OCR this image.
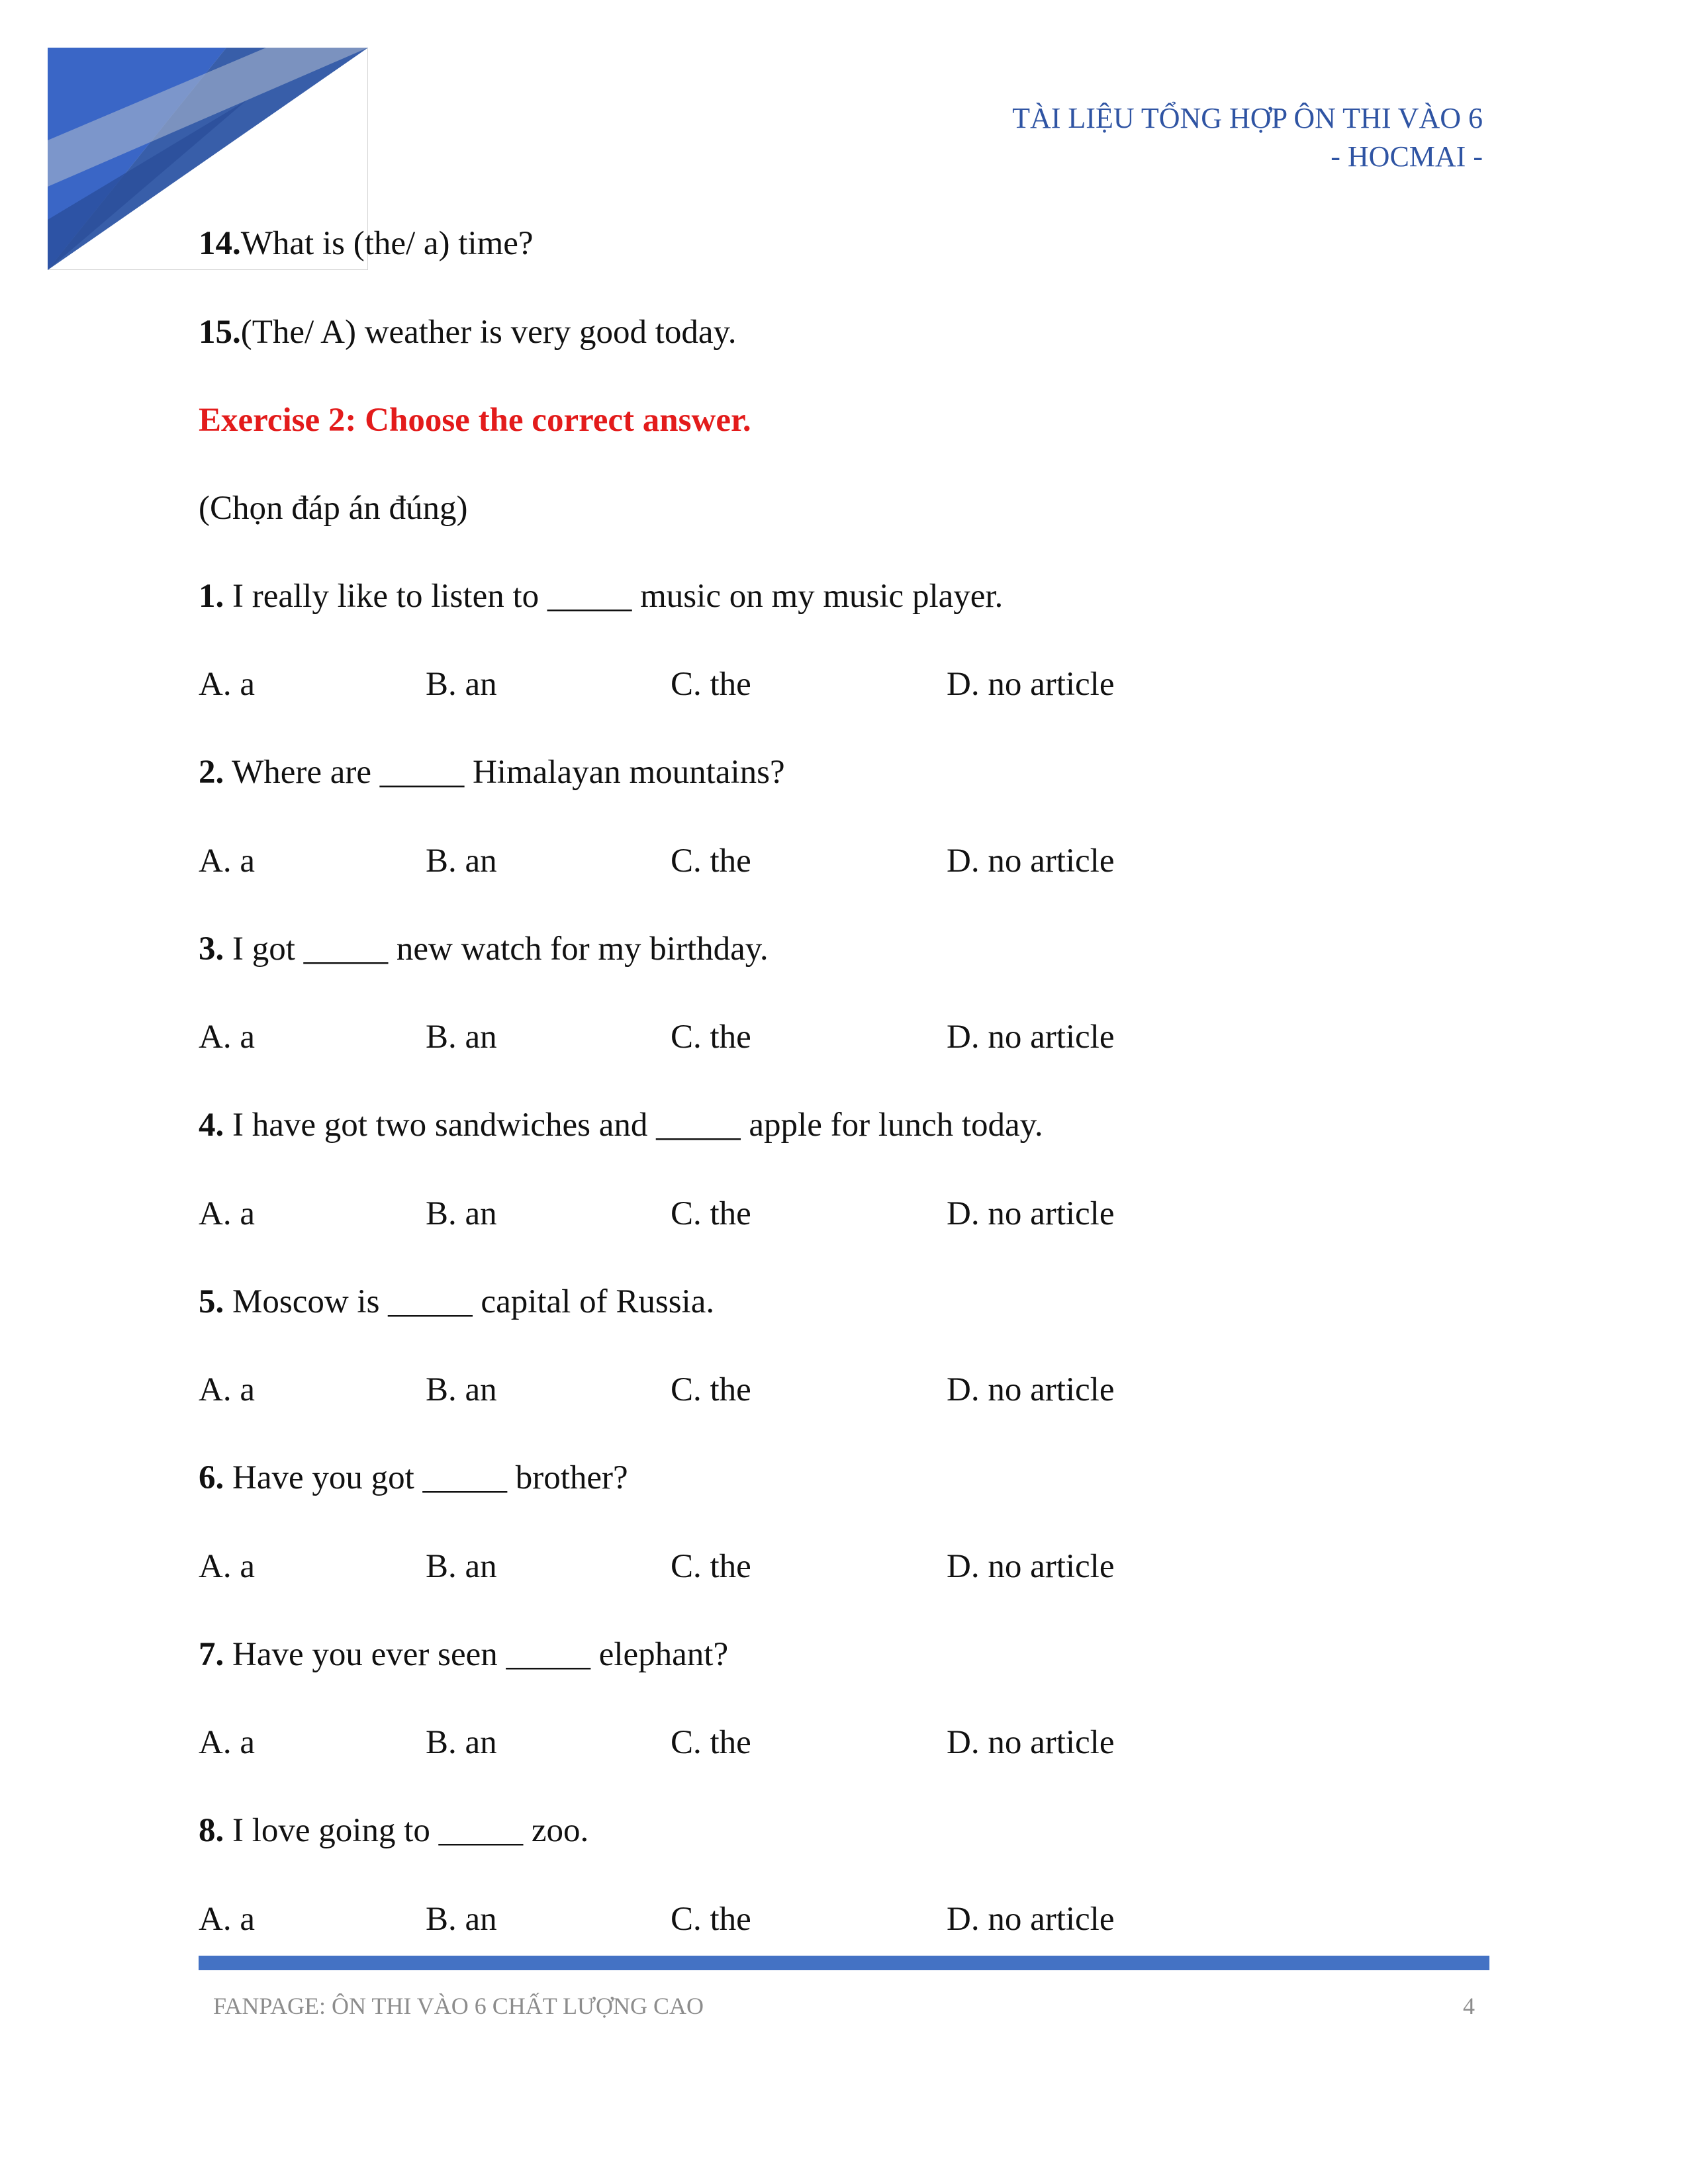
TÀI LIỆU TỔNG HỢP ÔN THI VÀO 6
- HOCMAI -
14.What is (the/ a) time?
15.(The/ A) weather is very good today.
Exercise 2: Choose the correct answer.
(Chọn đáp án đúng)
1. I really like to listen to _____ music on my music player.
A. a	B. an	C. the	D. no article
2. Where are _____ Himalayan mountains?
A. a	B. an	C. the	D. no article
3. I got _____ new watch for my birthday.
A. a	B. an	C. the	D. no article
4. I have got two sandwiches and _____ apple for lunch today.
A. a	B. an	C. the	D. no article
5. Moscow is _____ capital of Russia.
A. a	B. an	C. the	D. no article
6. Have you got _____ brother?
A. a	B. an	C. the	D. no article
7. Have you ever seen _____ elephant?
A. a	B. an	C. the	D. no article
8. I love going to _____ zoo.
A. a	B. an	C. the	D. no article
FANPAGE: ÔN THI VÀO 6 CHẤT LƯỢNG CAO	4
